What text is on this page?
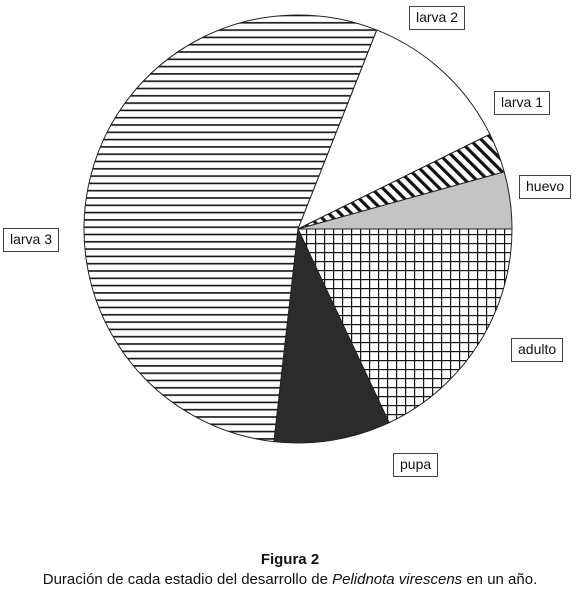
larva 2
larva 1
huevo
larva 3
adulto
pupa
Figura 2
Duración de cada estadio del desarrollo de Pelidnota virescens en un año.
